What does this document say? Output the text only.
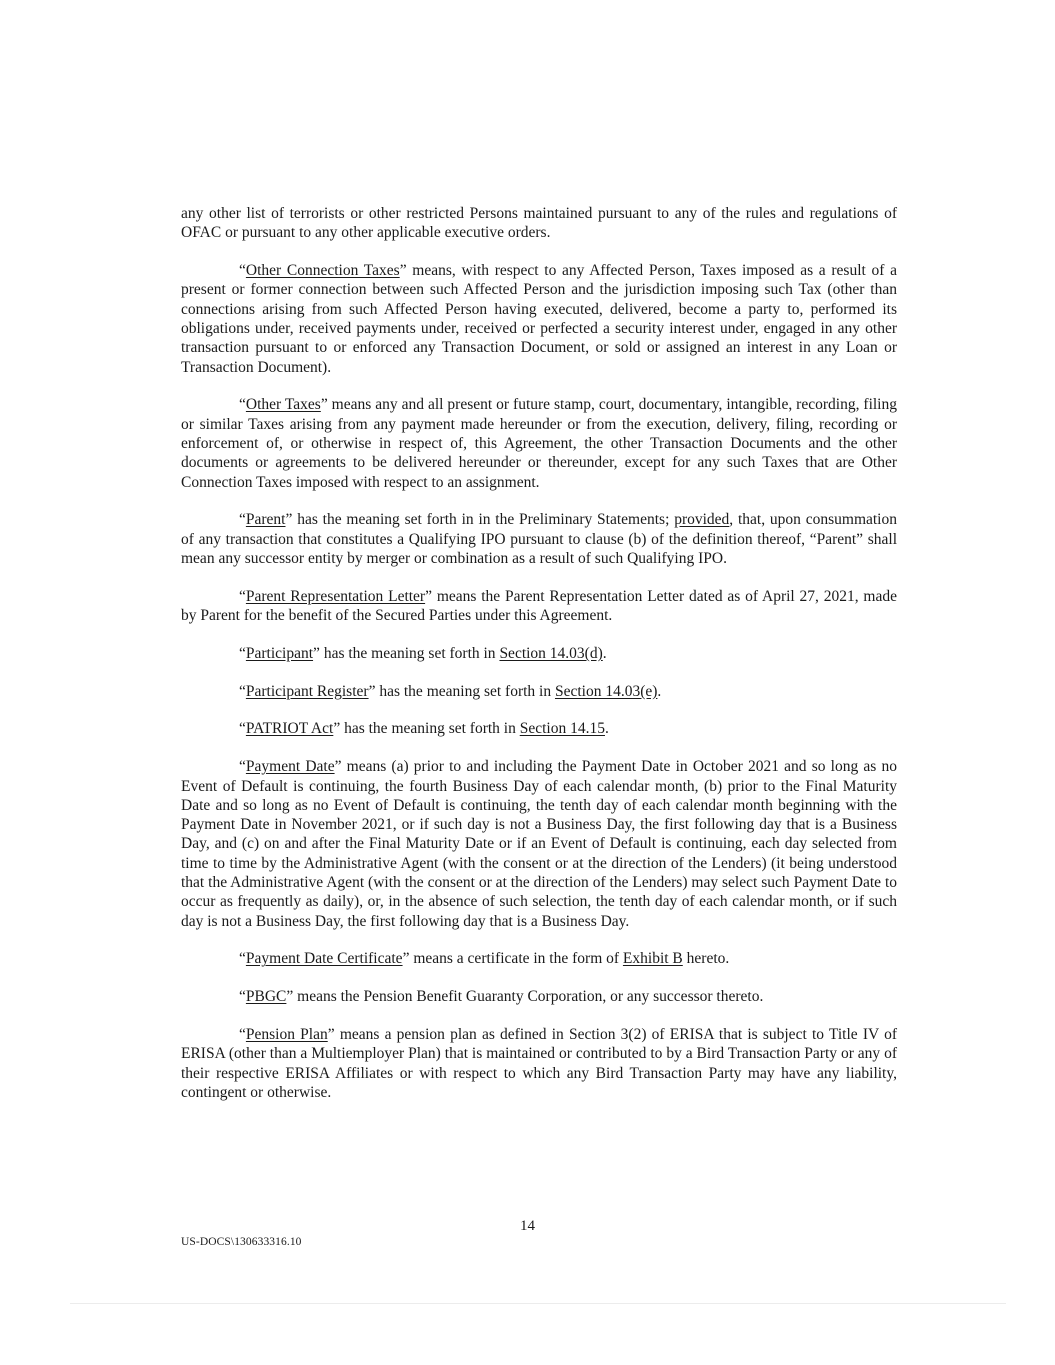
any other list of terrorists or other restricted Persons maintained pursuant to any of the rules and regulations of OFAC or pursuant to any other applicable executive orders.

“Other Connection Taxes” means, with respect to any Affected Person, Taxes imposed as a result of a present or former connection between such Affected Person and the jurisdiction imposing such Tax (other than connections arising from such Affected Person having executed, delivered, become a party to, performed its obligations under, received payments under, received or perfected a security interest under, engaged in any other transaction pursuant to or enforced any Transaction Document, or sold or assigned an interest in any Loan or Transaction Document).

“Other Taxes” means any and all present or future stamp, court, documentary, intangible, recording, filing or similar Taxes arising from any payment made hereunder or from the execution, delivery, filing, recording or enforcement of, or otherwise in respect of, this Agreement, the other Transaction Documents and the other documents or agreements to be delivered hereunder or thereunder, except for any such Taxes that are Other Connection Taxes imposed with respect to an assignment.

“Parent” has the meaning set forth in in the Preliminary Statements; provided, that, upon consummation of any transaction that constitutes a Qualifying IPO pursuant to clause (b) of the definition thereof, “Parent” shall mean any successor entity by merger or combination as a result of such Qualifying IPO.

“Parent Representation Letter” means the Parent Representation Letter dated as of April 27, 2021, made by Parent for the benefit of the Secured Parties under this Agreement.

“Participant” has the meaning set forth in Section 14.03(d).

“Participant Register” has the meaning set forth in Section 14.03(e).

“PATRIOT Act” has the meaning set forth in Section 14.15.

“Payment Date” means (a) prior to and including the Payment Date in October 2021 and so long as no Event of Default is continuing, the fourth Business Day of each calendar month, (b) prior to the Final Maturity Date and so long as no Event of Default is continuing, the tenth day of each calendar month beginning with the Payment Date in November 2021, or if such day is not a Business Day, the first following day that is a Business Day, and (c) on and after the Final Maturity Date or if an Event of Default is continuing, each day selected from time to time by the Administrative Agent (with the consent or at the direction of the Lenders) (it being understood that the Administrative Agent (with the consent or at the direction of the Lenders) may select such Payment Date to occur as frequently as daily), or, in the absence of such selection, the tenth day of each calendar month, or if such day is not a Business Day, the first following day that is a Business Day.

“Payment Date Certificate” means a certificate in the form of Exhibit B hereto.

“PBGC” means the Pension Benefit Guaranty Corporation, or any successor thereto.

“Pension Plan” means a pension plan as defined in Section 3(2) of ERISA that is subject to Title IV of ERISA (other than a Multiemployer Plan) that is maintained or contributed to by a Bird Transaction Party or any of their respective ERISA Affiliates or with respect to which any Bird Transaction Party may have any liability, contingent or otherwise.

14
US-DOCS\130633316.10
